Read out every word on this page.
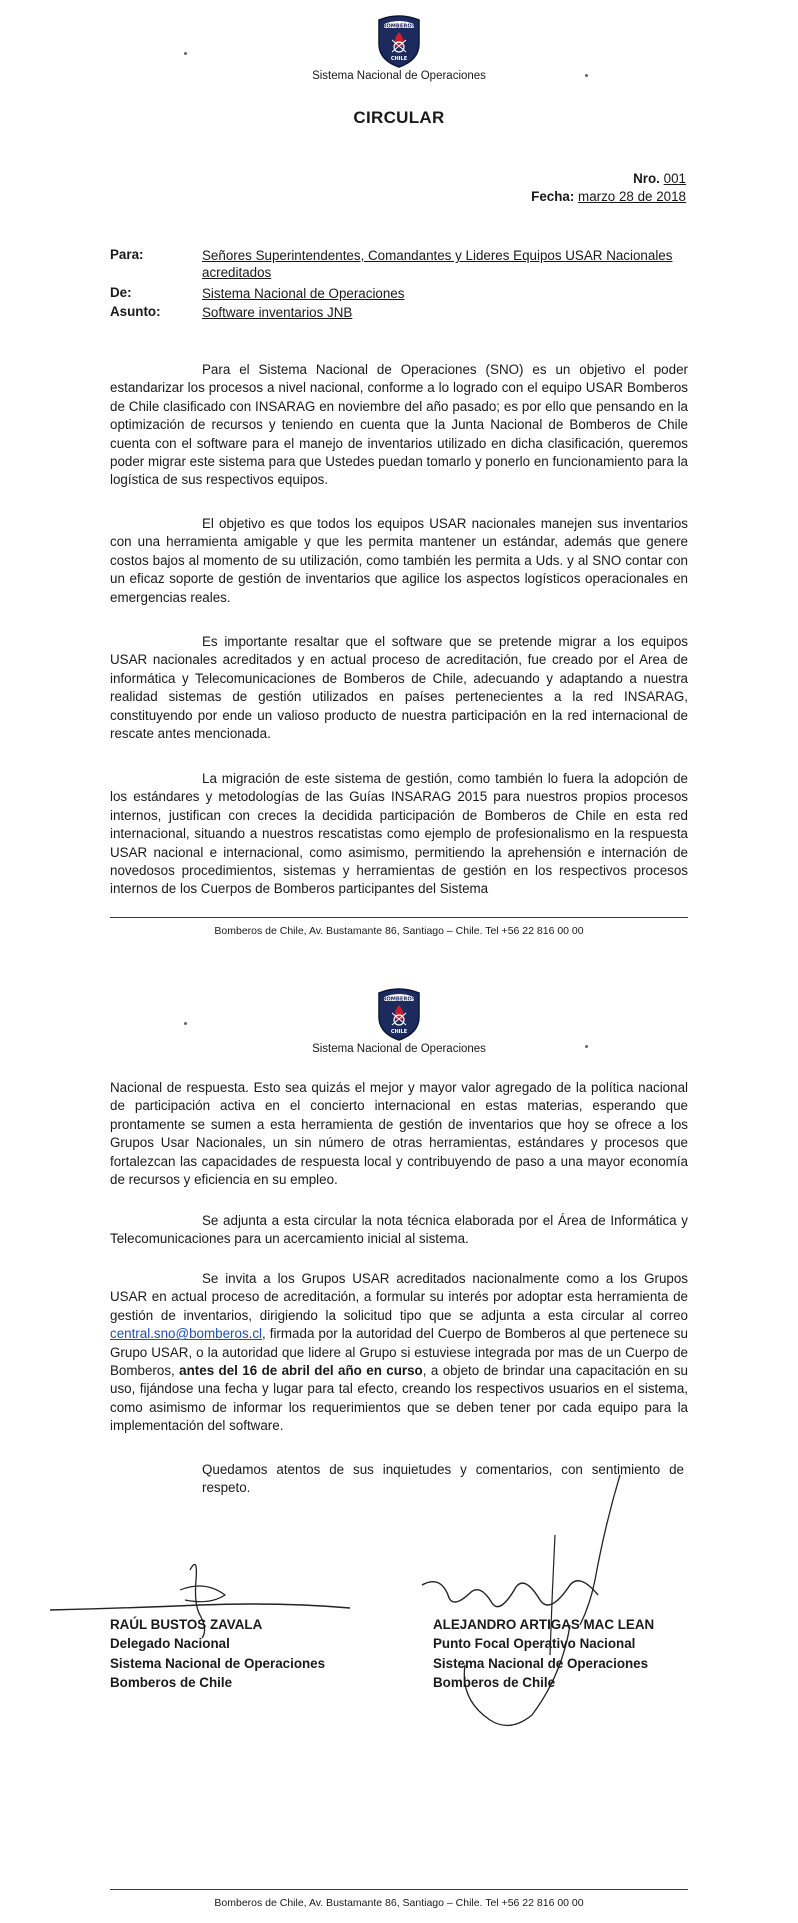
BOMBEROS
CHILE
Sistema Nacional de Operaciones
CIRCULAR
Nro. 001
Fecha: marzo 28 de 2018
Para:	Señores Superintendentes, Comandantes y Lideres Equipos USAR Nacionales acreditados
De:	Sistema Nacional de Operaciones
Asunto:	Software inventarios JNB

Para el Sistema Nacional de Operaciones (SNO) es un objetivo el poder estandarizar los procesos a nivel nacional, conforme a lo logrado con el equipo USAR Bomberos de Chile clasificado con INSARAG en noviembre del año pasado; es por ello que pensando en la optimización de recursos y teniendo en cuenta que la Junta Nacional de Bomberos de Chile cuenta con el software para el manejo de inventarios utilizado en dicha clasificación, queremos poder migrar este sistema para que Ustedes puedan tomarlo y ponerlo en funcionamiento para la logística de sus respectivos equipos.

El objetivo es que todos los equipos USAR nacionales manejen sus inventarios con una herramienta amigable y que les permita mantener un estándar, además que genere costos bajos al momento de su utilización, como también les permita a Uds. y al SNO contar con un eficaz soporte de gestión de inventarios que agilice los aspectos logísticos operacionales en emergencias reales.

Es importante resaltar que el software que se pretende migrar a los equipos USAR nacionales acreditados y en actual proceso de acreditación, fue creado por el Area de informática y Telecomunicaciones de Bomberos de Chile, adecuando y adaptando a nuestra realidad sistemas de gestión utilizados en países pertenecientes a la red INSARAG, constituyendo por ende un valioso producto de nuestra participación en la red internacional de rescate antes mencionada.

La migración de este sistema de gestión, como también lo fuera la adopción de los estándares y metodologías de las Guías INSARAG 2015 para nuestros propios procesos internos, justifican con creces la decidida participación de Bomberos de Chile en esta red internacional, situando a nuestros rescatistas como ejemplo de profesionalismo en la respuesta USAR nacional e internacional, como asimismo, permitiendo la aprehensión e internación de novedosos procedimientos, sistemas y herramientas de gestión en los respectivos procesos internos de los Cuerpos de Bomberos participantes del Sistema

Bomberos de Chile, Av. Bustamante 86, Santiago – Chile. Tel +56 22 816 00 00
BOMBEROS
CHILE
Sistema Nacional de Operaciones

Nacional de respuesta. Esto sea quizás el mejor y mayor valor agregado de la política nacional de participación activa en el concierto internacional en estas materias, esperando que prontamente se sumen a esta herramienta de gestión de inventarios que hoy se ofrece a los Grupos Usar Nacionales, un sin número de otras herramientas, estándares y procesos que fortalezcan las capacidades de respuesta local y contribuyendo de paso a una mayor economía de recursos y eficiencia en su empleo.

Se adjunta a esta circular la nota técnica elaborada por el Área de Informática y Telecomunicaciones para un acercamiento inicial al sistema.

Se invita a los Grupos USAR acreditados nacionalmente como a los Grupos USAR en actual proceso de acreditación, a formular su interés por adoptar esta herramienta de gestión de inventarios, dirigiendo la solicitud tipo que se adjunta a esta circular al correo central.sno@bomberos.cl, firmada por la autoridad del Cuerpo de Bomberos al que pertenece su Grupo USAR, o la autoridad que lidere al Grupo si estuviese integrada por mas de un Cuerpo de Bomberos, antes del 16 de abril del año en curso, a objeto de brindar una capacitación en su uso, fijándose una fecha y lugar para tal efecto, creando los respectivos usuarios en el sistema, como asimismo de informar los requerimientos que se deben tener por cada equipo para la implementación del software.

Quedamos atentos de sus inquietudes y comentarios, con sentimiento de respeto.

RAÚL BUSTOS ZAVALA
Delegado Nacional
Sistema Nacional de Operaciones
Bomberos de Chile
ALEJANDRO ARTIGAS MAC LEAN
Punto Focal Operativo Nacional
Sistema Nacional de Operaciones
Bomberos de Chile
Bomberos de Chile, Av. Bustamante 86, Santiago – Chile. Tel +56 22 816 00 00
